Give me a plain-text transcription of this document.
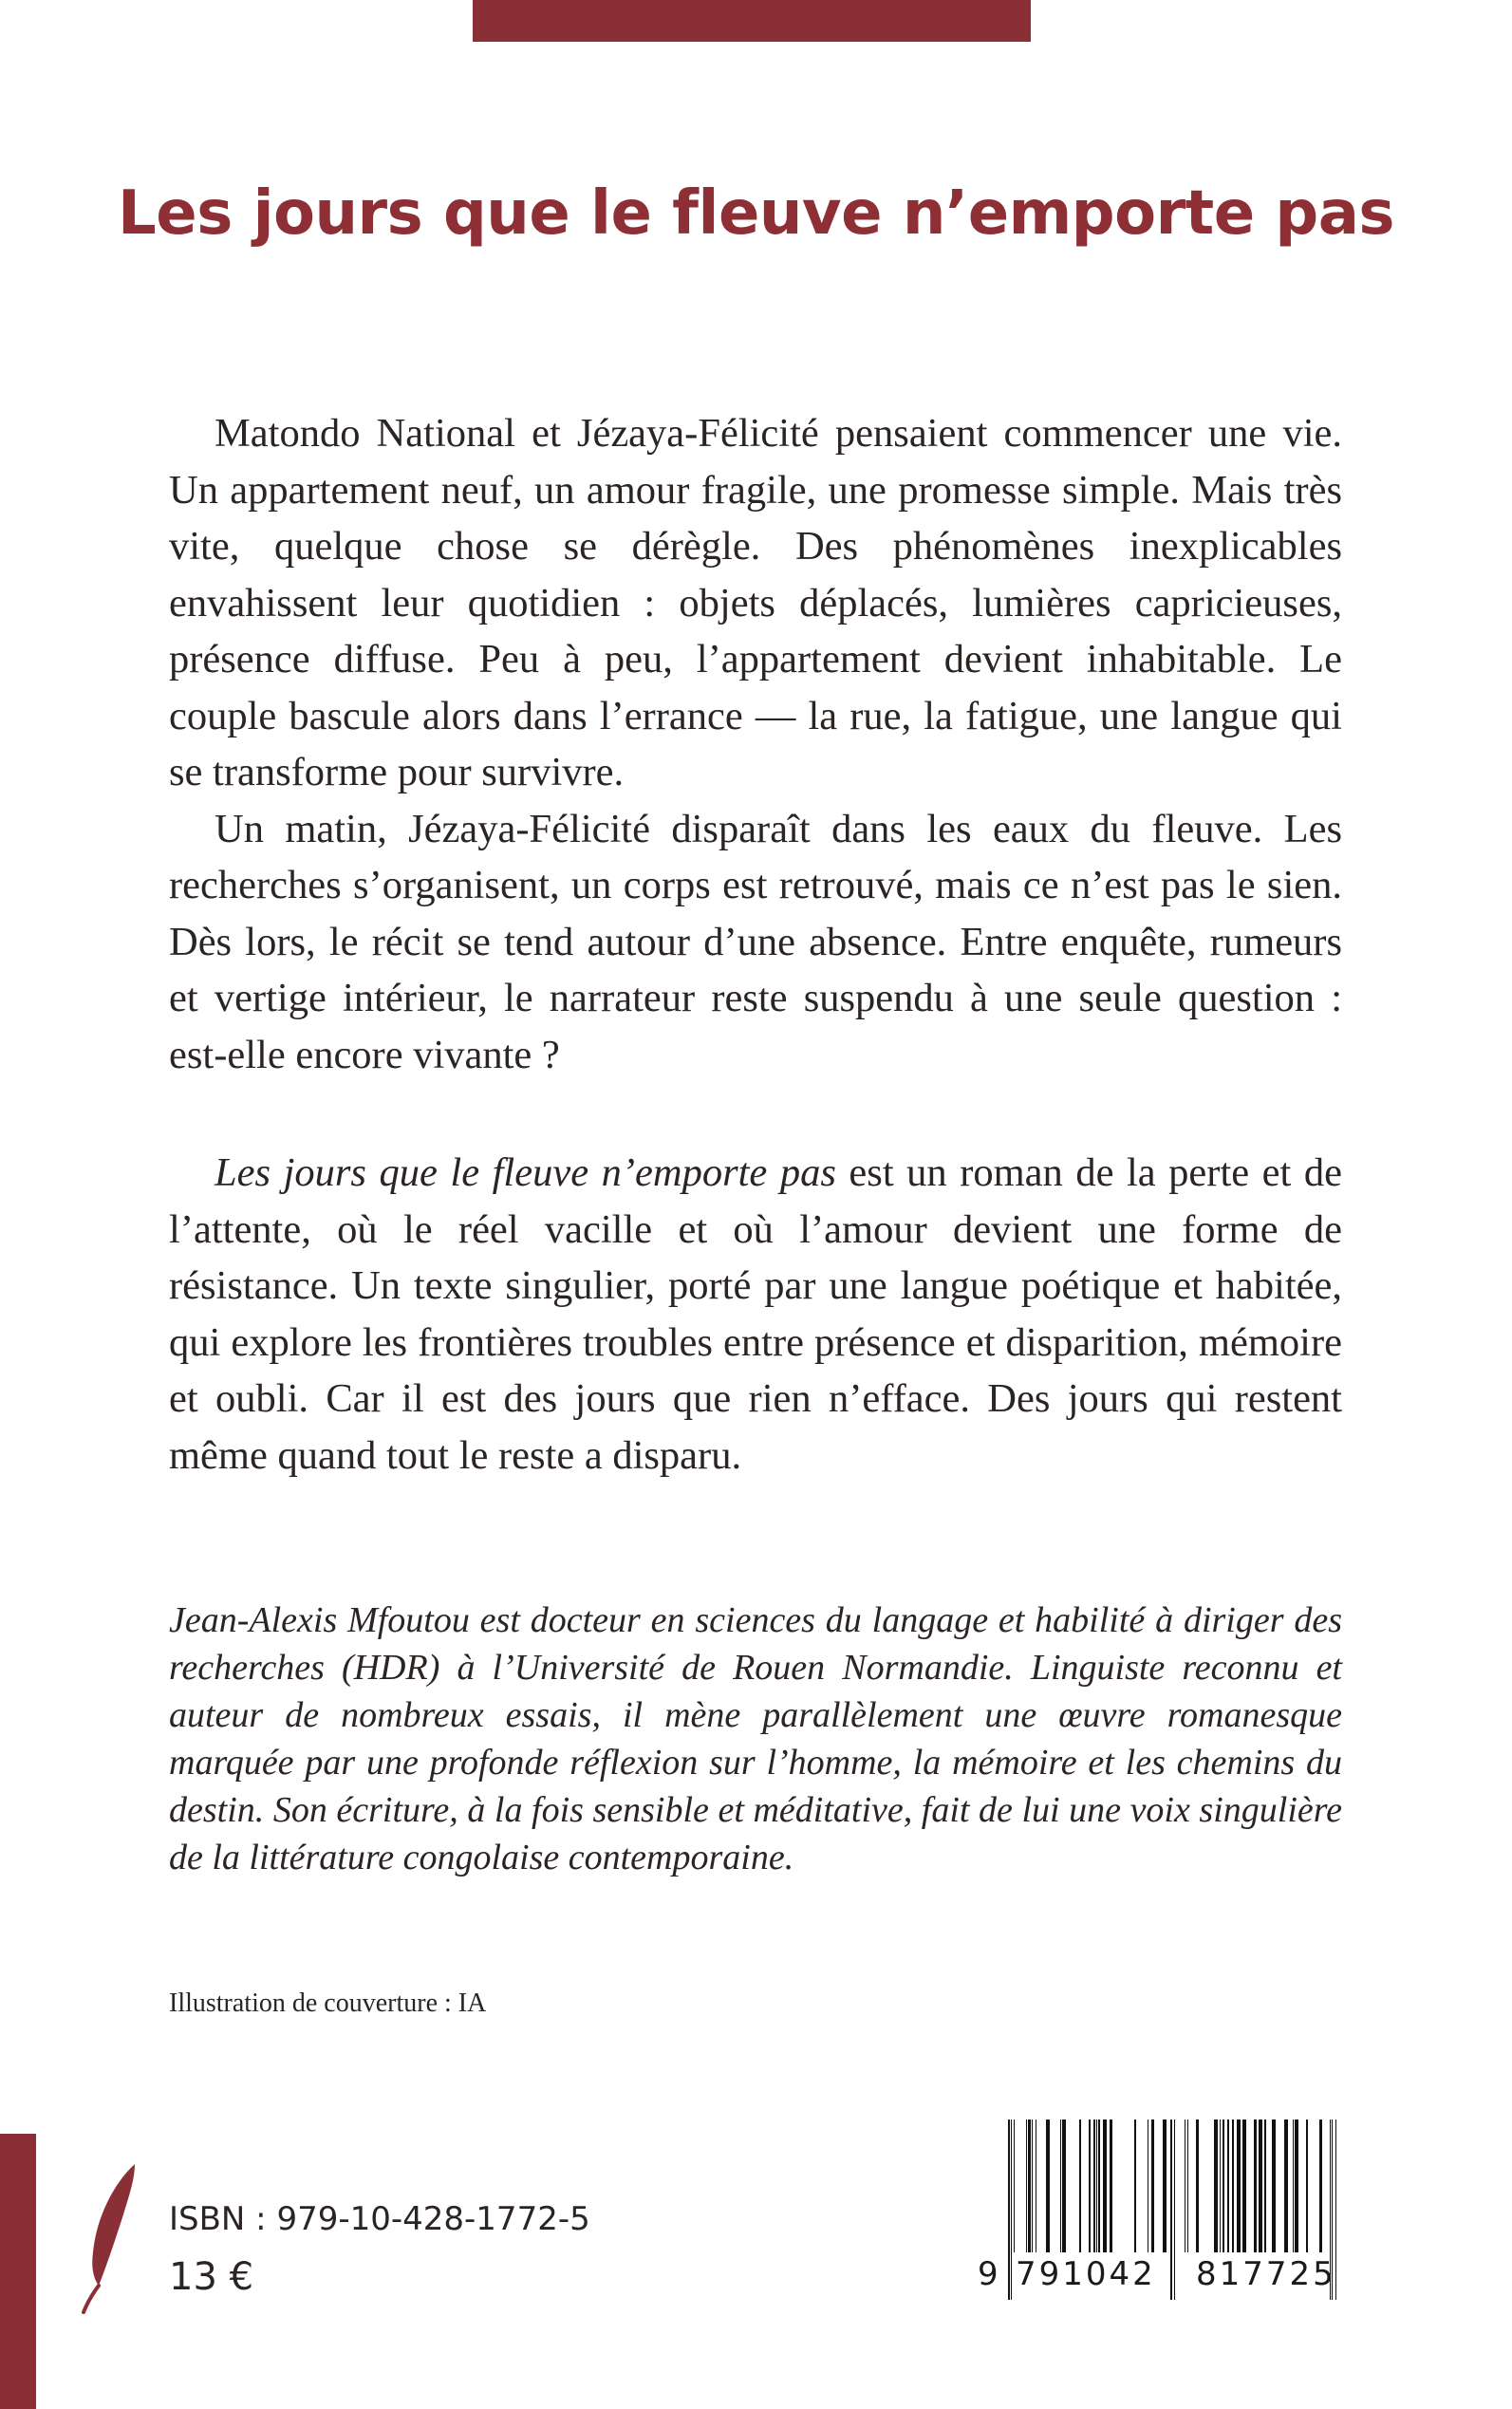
Les jours que le fleuve n’emporte pas

Matondo National et Jézaya-Félicité pensaient commencer une vie. Un appartement neuf, un amour fragile, une promesse simple. Mais très vite, quelque chose se dérègle. Des phénomènes inexplicables envahissent leur quotidien : objets déplacés, lumières capricieuses, présence diffuse. Peu à peu, l’appartement devient inhabitable. Le couple bascule alors dans l’errance — la rue, la fatigue, une langue qui se transforme pour survivre.

Un matin, Jézaya-Félicité disparaît dans les eaux du fleuve. Les recherches s’organisent, un corps est retrouvé, mais ce n’est pas le sien. Dès lors, le récit se tend autour d’une absence. Entre enquête, rumeurs et vertige intérieur, le narrateur reste suspendu à une seule question : est-elle encore vivante ?

Les jours que le fleuve n’emporte pas est un roman de la perte et de l’attente, où le réel vacille et où l’amour devient une forme de résistance. Un texte singulier, porté par une langue poétique et habitée, qui explore les frontières troubles entre présence et disparition, mémoire et oubli. Car il est des jours que rien n’efface. Des jours qui restent même quand tout le reste a disparu.

Jean-Alexis Mfoutou est docteur en sciences du langage et habilité à diriger des recherches (HDR) à l’Université de Rouen Normandie. Linguiste reconnu et auteur de nombreux essais, il mène parallèlement une œuvre romanesque marquée par une profonde réflexion sur l’homme, la mémoire et les chemins du destin. Son écriture, à la fois sensible et méditative, fait de lui une voix singulière de la littérature congolaise contemporaine.

Illustration de couverture : IA

ISBN : 979-10-428-1772-5

13 €	9 791042 817725
